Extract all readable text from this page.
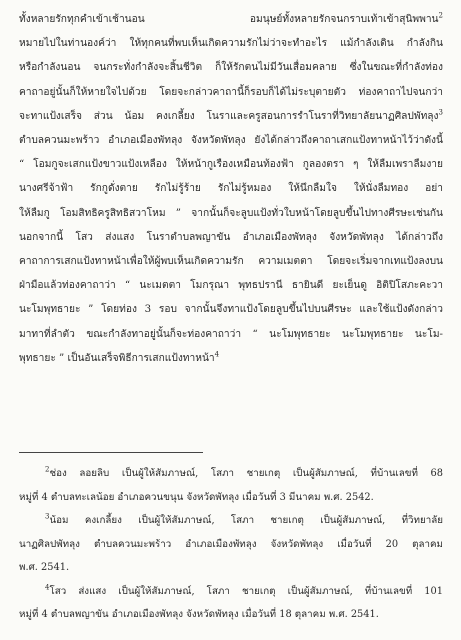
ทั้งหลายรักทุกคำเข้าเช้านอน อมนุษย์ทั้งหลายรักจนกราบเท้าเข้าสุนิพพาน$^2$
หมายไปในท่านองค์ว่า ให้ทุกคนที่พบเห็นเกิดความรักไม่ว่าจะทำอะไร แม้กำลังเดิน กำลังกิน
หรือกำลังนอน จนกระทั่งกำลังจะสิ้นชีวิต ก็ให้รักตนไม่มีวันเสื่อมคลาย ซึ่งในขณะที่กำลังท่อง
คาถาอยู่นั้นก็ให้หายใจไปด้วย โดยจะกล่าวคาถานี้ก็รอบก็ได้ไม่ระบุตายตัว ท่องคาถาไปจนกว่า
จะทาแป้งเสร็จ ส่วน น้อม คงเกลี้ยง โนราและครูสอนการรำโนราที่วิทยาลัยนาฏศิลปพัทลุง$^3$
ตำบลควนมะพร้าว อำเภอเมืองพัทลุง จังหวัดพัทลุง ยังได้กล่าวถึงคาถาเสกแป้งทาหน้าไว้ว่าดังนี้
“ โอมกูจะเสกแป้งขาวแป้งเหลือง ให้หน้ากูเรืองเหมือนท้องฟ้า กูลองตรา ๆ ให้ลืมเพราลืมงาย
นางศรีจ้าฟ้า รักกูดั่งตาย รักไม่รู้ร้าย รักไม่รู้หมอง ให้นึกลืมใจ ให้นั่งลืมทอง อย่า
ให้ลืมกู โอมสิทธิครูสิทธิสวาโหม ” จากนั้นก็จะลูบแป้งทั่วใบหน้าโดยลูบขึ้นไปทางศีรษะเช่นกัน
นอกจากนี้ โสว ส่งแสง โนราตำบลพญาขัน อำเภอเมืองพัทลุง จังหวัดพัทลุง ได้กล่าวถึง
คาถาการเสกแป้งทาหน้าเพื่อให้ผู้พบเห็นเกิดความรัก ความเมตตา โดยจะเริ่มจากเทแป้งลงบน
ฝ่ามือแล้วท่องคาถาว่า “ นะเมตตา โมกรุณา พุทธปรานี ธายินดี ยะเย็นดู อิติปิโสภะคะวา
นะโมพุทธายะ ” โดยท่อง 3 รอบ จากนั้นจึงทาแป้งโดยลูบขึ้นไปบนศีรษะ และใช้แป้งดังกล่าว
มาทาที่ลำตัว ขณะกำลังทาอยู่นั้นก็จะท่องคาถาว่า “ นะโมพุทธายะ นะโมพุทธายะ นะโม-
พุทธายะ ” เป็นอันเสร็จพิธีการเสกแป้งทาหน้า$^4$
$^2$ช่อง ลอยลิบ เป็นผู้ให้สัมภาษณ์, โสภา ชายเกตุ เป็นผู้สัมภาษณ์, ที่บ้านเลขที่ 68
หมู่ที่ 4 ตำบลทะเลน้อย อำเภอควนขนุน จังหวัดพัทลุง เมื่อวันที่ 3 มีนาคม พ.ศ. 2542.
$^3$น้อม คงเกลี้ยง เป็นผู้ให้สัมภาษณ์, โสภา ชายเกตุ เป็นผู้สัมภาษณ์, ที่วิทยาลัย
นาฏศิลปพัทลุง ตำบลควนมะพร้าว อำเภอเมืองพัทลุง จังหวัดพัทลุง เมื่อวันที่ 20 ตุลาคม
พ.ศ. 2541.
$^4$โสว ส่งแสง เป็นผู้ให้สัมภาษณ์, โสภา ชายเกตุ เป็นผู้สัมภาษณ์, ที่บ้านเลขที่ 101
หมู่ที่ 4 ตำบลพญาขัน อำเภอเมืองพัทลุง จังหวัดพัทลุง เมื่อวันที่ 18 ตุลาคม พ.ศ. 2541.
